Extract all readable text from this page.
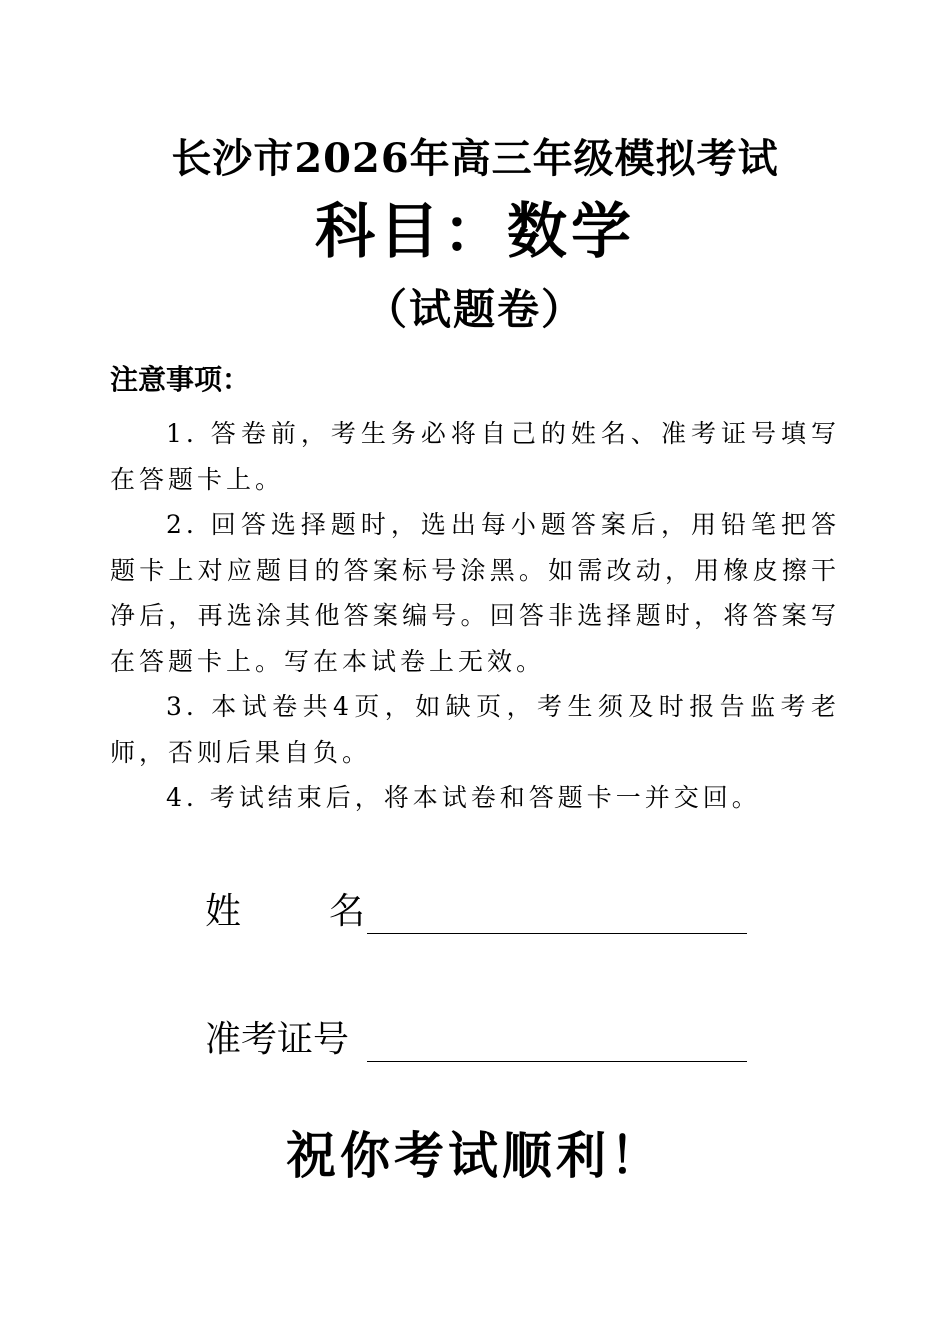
长沙市2026年高三年级模拟考试
科目：数学
（试题卷）
注意事项：

1. 答卷前，考生务必将自己的姓名、准考证号填写在答题卡上。

2. 回答选择题时，选出每小题答案后，用铅笔把答题卡上对应题目的答案标号涂黑。如需改动，用橡皮擦干净后，再选涂其他答案编号。回答非选择题时，将答案写在答题卡上。写在本试卷上无效。

3. 本试卷共4页，如缺页，考生须及时报告监考老师，否则后果自负。

4. 考试结束后，将本试卷和答题卡一并交回。

姓 名
准考证号
祝你考试顺利！
